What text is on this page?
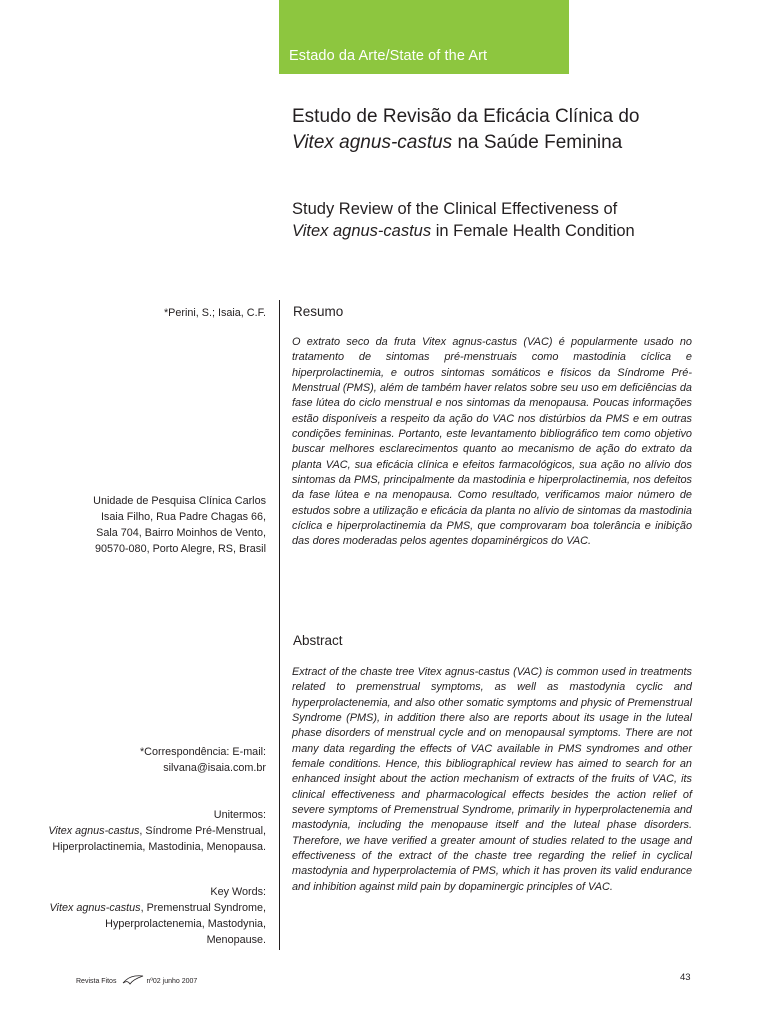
Estado da Arte/State of the Art
Estudo de Revisão da Eficácia Clínica do Vitex agnus-castus na Saúde Feminina
Study Review of the Clinical Effectiveness of Vitex agnus-castus in Female Health Condition
*Perini, S.; Isaia, C.F.
Unidade de Pesquisa Clínica Carlos
Isaia Filho, Rua Padre Chagas 66,
Sala 704, Bairro Moinhos de Vento,
90570-080, Porto Alegre, RS, Brasil
*Correspondência: E-mail:
silvana@isaia.com.br
Unitermos:
Vitex agnus-castus, Síndrome Pré-Menstrual, Hiperprolactinemia, Mastodinia, Menopausa.
Key Words:
Vitex agnus-castus, Premenstrual Syndrome, Hyperprolactenemia, Mastodynia, Menopause.
Resumo

O extrato seco da fruta Vitex agnus-castus (VAC) é popularmente usado no tratamento de sintomas pré-menstruais como mastodinia cíclica e hiperprolactinemia, e outros sintomas somáticos e físicos da Síndrome Pré-Menstrual (PMS), além de também haver relatos sobre seu uso em deficiências da fase lútea do ciclo menstrual e nos sintomas da menopausa. Poucas informações estão disponíveis a respeito da ação do VAC nos distúrbios da PMS e em outras condições femininas. Portanto, este levantamento bibliográfico tem como objetivo buscar melhores esclarecimentos quanto ao mecanismo de ação do extrato da planta VAC, sua eficácia clínica e efeitos farmacológicos, sua ação no alívio dos sintomas da PMS, principalmente da mastodinia e hiperprolactinemia, nos defeitos da fase lútea e na menopausa. Como resultado, verificamos maior número de estudos sobre a utilização e eficácia da planta no alívio de sintomas da mastodinia cíclica e hiperprolactinemia da PMS, que comprovaram boa tolerância e inibição das dores moderadas pelos agentes dopaminérgicos do VAC.

Abstract

Extract of the chaste tree Vitex agnus-castus (VAC) is common used in treatments related to premenstrual symptoms, as well as mastodynia cyclic and hyperprolactenemia, and also other somatic symptoms and physic of Premenstrual Syndrome (PMS), in addition there also are reports about its usage in the luteal phase disorders of menstrual cycle and on menopausal symptoms. There are not many data regarding the effects of VAC available in PMS syndromes and other female conditions. Hence, this bibliographical review has aimed to search for an enhanced insight about the action mechanism of extracts of the fruits of VAC, its clinical effectiveness and pharmacological effects besides the action relief of severe symptoms of Premenstrual Syndrome, primarily in hyperprolactenemia and mastodynia, including the menopause itself and the luteal phase disorders. Therefore, we have verified a greater amount of studies related to the usage and effectiveness of the extract of the chaste tree regarding the relief in cyclical mastodynia and hyperprolactemia of PMS, which it has proven its valid endurance and inhibition against mild pain by dopaminergic principles of VAC.

Revista Fitos	nº02 junho 2007	43
